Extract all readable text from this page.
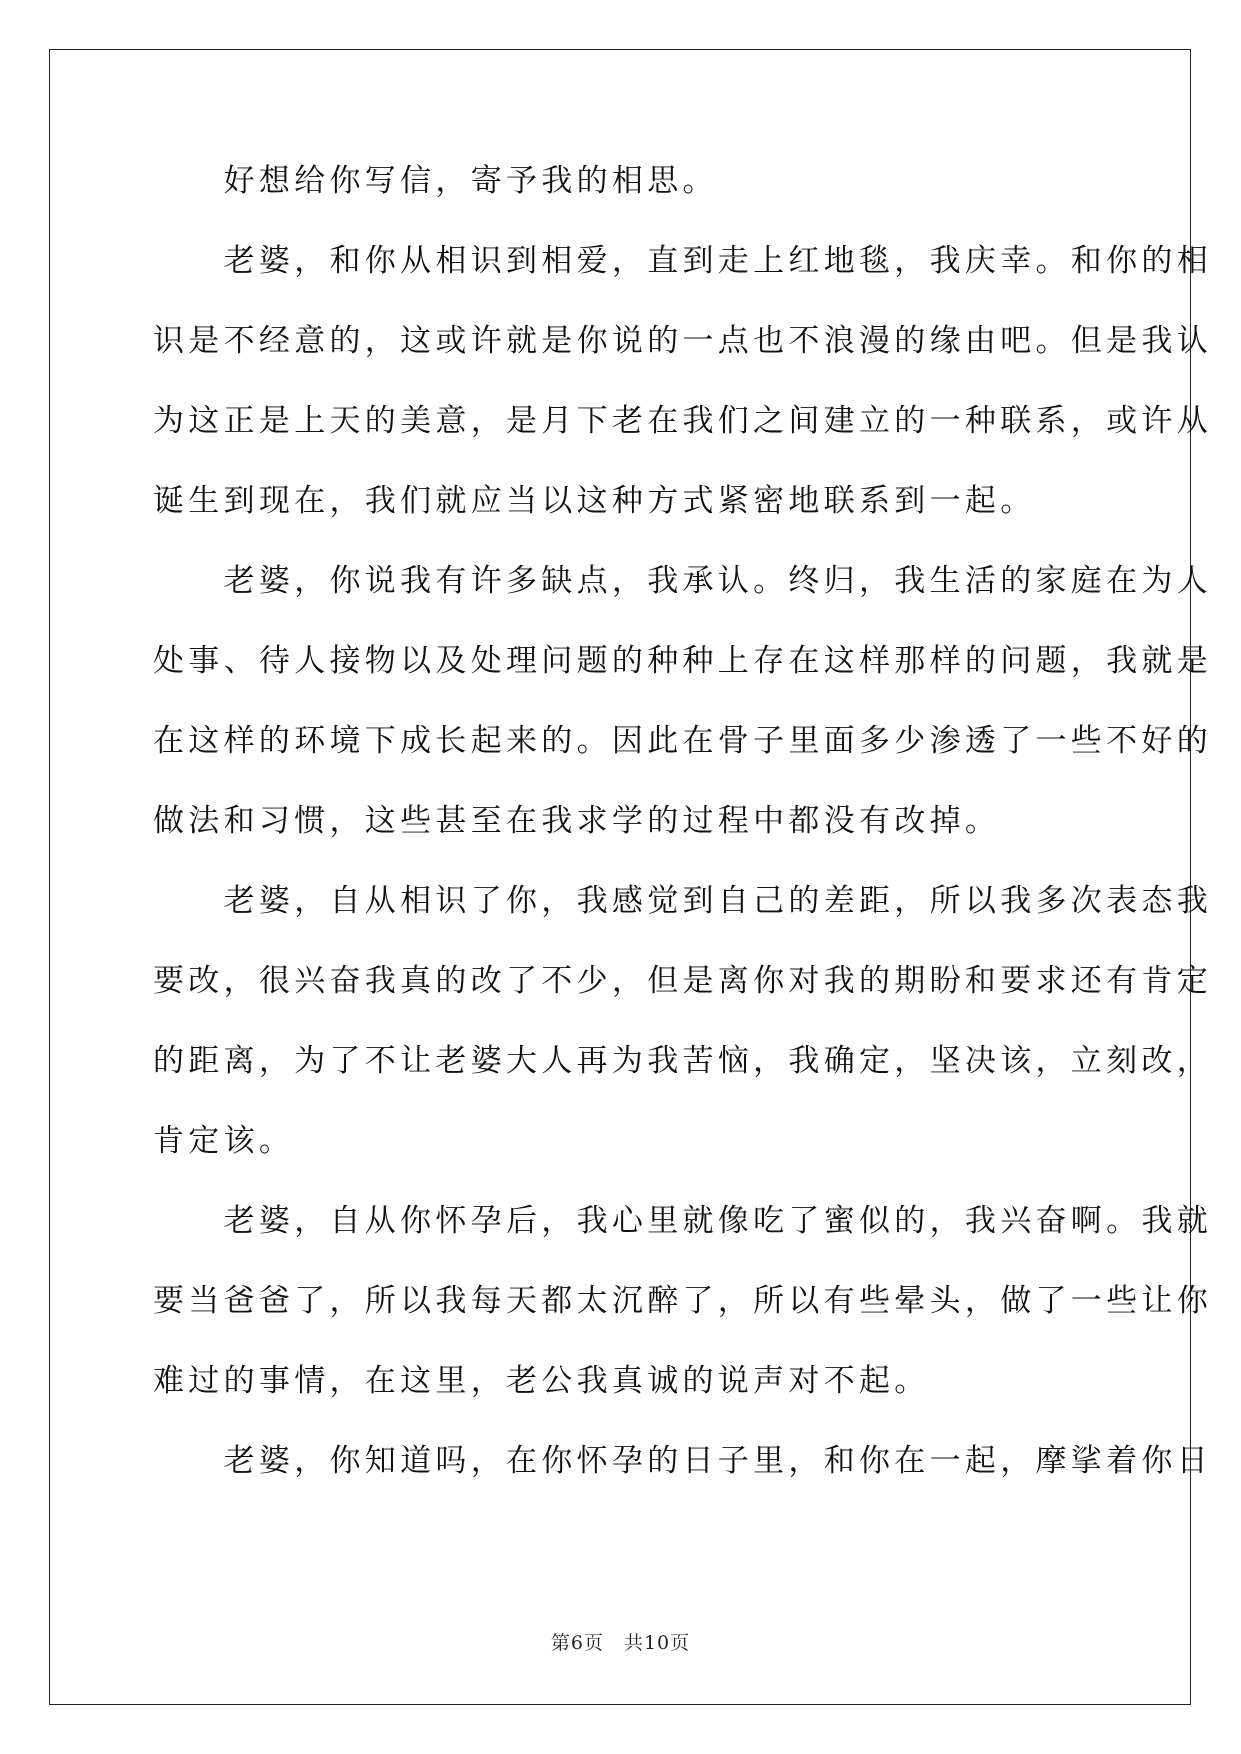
　　好想给你写信，寄予我的相思。
　　老婆，和你从相识到相爱，直到走上红地毯，我庆幸。和你的相
识是不经意的，这或许就是你说的一点也不浪漫的缘由吧。但是我认
为这正是上天的美意，是月下老在我们之间建立的一种联系，或许从
诞生到现在，我们就应当以这种方式紧密地联系到一起。
　　老婆，你说我有许多缺点，我承认。终归，我生活的家庭在为人
处事、待人接物以及处理问题的种种上存在这样那样的问题，我就是
在这样的环境下成长起来的。因此在骨子里面多少渗透了一些不好的
做法和习惯，这些甚至在我求学的过程中都没有改掉。
　　老婆，自从相识了你，我感觉到自己的差距，所以我多次表态我
要改，很兴奋我真的改了不少，但是离你对我的期盼和要求还有肯定
的距离，为了不让老婆大人再为我苦恼，我确定，坚决该，立刻改，
肯定该。
　　老婆，自从你怀孕后，我心里就像吃了蜜似的，我兴奋啊。我就
要当爸爸了，所以我每天都太沉醉了，所以有些晕头，做了一些让你
难过的事情，在这里，老公我真诚的说声对不起。
　　老婆，你知道吗，在你怀孕的日子里，和你在一起，摩挲着你日
第6页　共10页
